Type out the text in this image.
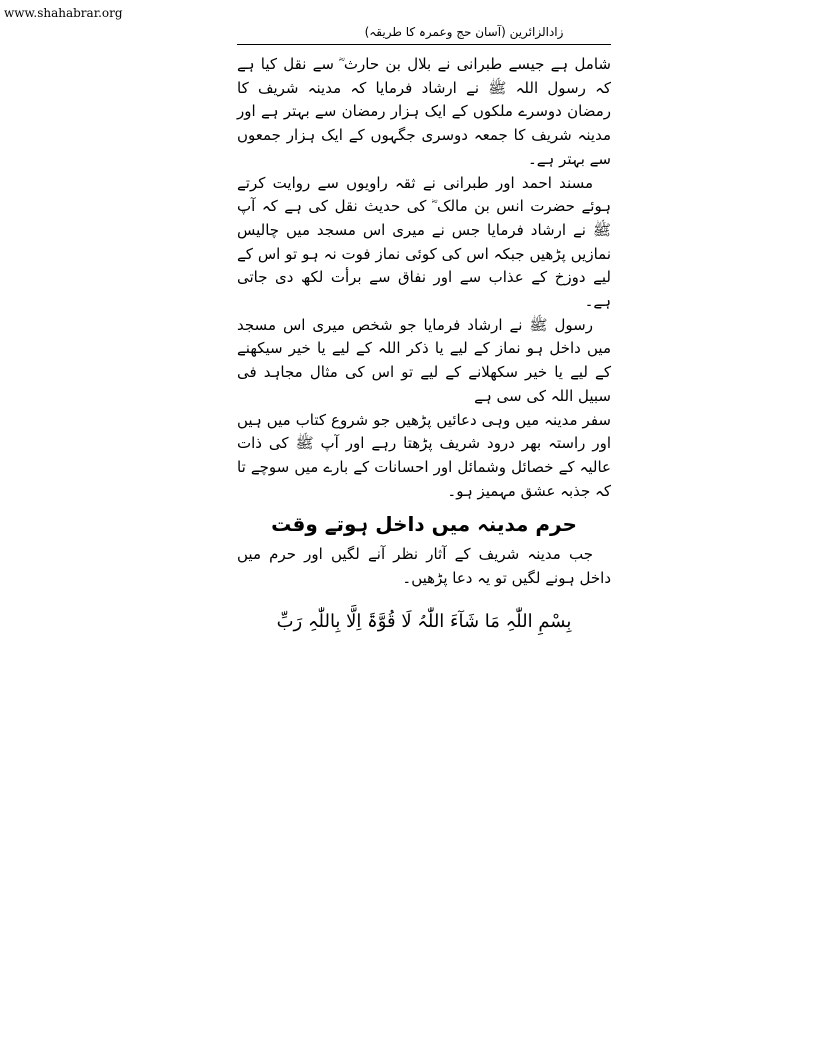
www.shahabrar.org
زادالزائرین (آسان حج وعمرہ کا طریقہ)

شامل ہے جیسے طبرانی نے بلال بن حارث ؓ سے نقل کیا ہے کہ رسول اللہ ﷺ نے ارشاد فرمایا کہ مدینہ شریف کا رمضان دوسرے ملکوں کے ایک ہزار رمضان سے بہتر ہے اور مدینہ شریف کا جمعہ دوسری جگہوں کے ایک ہزار جمعوں سے بہتر ہے۔

مسند احمد اور طبرانی نے ثقہ راویوں سے روایت کرتے ہوئے حضرت انس بن مالک ؓ کی حدیث نقل کی ہے کہ آپ ﷺ نے ارشاد فرمایا جس نے میری اس مسجد میں چالیس نمازیں پڑھیں جبکہ اس کی کوئی نماز فوت نہ ہو تو اس کے لیے دوزخ کے عذاب سے اور نفاق سے برأت لکھ دی جاتی ہے۔

رسول ﷺ نے ارشاد فرمایا جو شخص میری اس مسجد میں داخل ہو نماز کے لیے یا ذکر اللہ کے لیے یا خیر سیکھنے کے لیے یا خیر سکھلانے کے لیے تو اس کی مثال مجاہد فی سبیل اللہ کی سی ہے

سفر مدینہ میں وہی دعائیں پڑھیں جو شروع کتاب میں ہیں اور راستہ بھر درود شریف پڑھتا رہے اور آپ ﷺ کی ذات عالیہ کے خصائل وشمائل اور احسانات کے بارے میں سوچے تا کہ جذبہ عشق مہمیز ہو۔

حرم مدینہ میں داخل ہوتے وقت

جب مدینہ شریف کے آثار نظر آنے لگیں اور حرم میں داخل ہونے لگیں تو یہ دعا پڑھیں۔

بِسْمِ اللّٰہِ مَا شَآءَ اللّٰہُ لَا قُوَّۃَ اِلَّا بِاللّٰہِ رَبِّ
